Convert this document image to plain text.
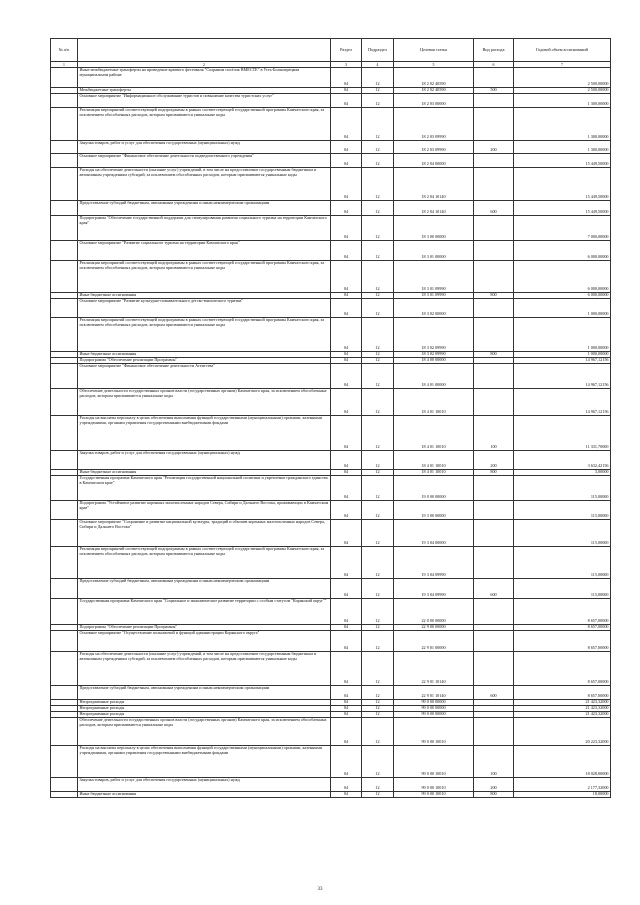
№ п/п		Раздел	Подраздел	Целевая статья	Вид расхода	Годовой объем ассигнований
1	2	3	4	5	6	7
	Иные межбюджетные трансферты на проведение краевого фестиваля "Сохраним посёлок ВМЕСТЕ" в Усть-Большерецком муниципальном районе	04	12	18 2 02 40590		2 500,00000
	Межбюджетные трансферты	04	12	18 2 02 40590	500	2 500,00000
	Основное мероприятие "Информационное обслуживание туристов и повышение качества туристских услуг"	04	12	18 2 03 00000		1 300,00000
	Реализация мероприятий соответствующей подпрограммы в рамках соответствующей государственной программы Камчатского края, за исключением обособленных расходов, которым присваиваются уникальные коды	04	12	18 2 03 09990		1 300,00000
	Закупка товаров, работ и услуг для обеспечения государственных (муниципальных) нужд	04	12	18 2 03 09990	200	1 300,00000
	Основное мероприятие "Финансовое обеспечение деятельности подведомственного учреждения"	04	12	18 2 04 00000		15 449,50000
	Расходы на обеспечение деятельности (оказание услуг) учреждений, в том числе на предоставление государственным бюджетным и автономным учреждениям субсидий, за исключением обособленных расходов, которым присваиваются уникальные коды	04	12	18 2 04 10140		15 449,50000
	Предоставление субсидий бюджетным, автономным учреждениям и иным некоммерческим организациям	04	12	18 2 04 10140	600	15 449,50000
	Подпрограмма "Обеспечение государственной поддержки для стимулирования развития социального туризма на территории Камчатского края"	04	12	18 3 00 00000		7 000,00000
	Основное мероприятие "Развитие социального туризма на территории Камчатского края"	04	12	18 3 01 00000		6 000,00000
	Реализация мероприятий соответствующей подпрограммы в рамках соответствующей государственной программы Камчатского края, за исключением обособленных расходов, которым присваиваются уникальные коды	04	12	18 3 01 09990		6 000,00000
	Иные бюджетные ассигнования	04	12	18 3 01 09990	800	6 000,00000
	Основное мероприятие "Развитие культурно-познавательного детско-юношеского туризма"	04	12	18 3 02 00000		1 000,00000
	Реализация мероприятий соответствующей подпрограммы в рамках соответствующей государственной программы Камчатского края, за исключением обособленных расходов, которым присваиваются уникальные коды	04	12	18 3 02 09990		1 000,00000
	Иные бюджетные ассигнования	04	12	18 3 02 09990	800	1 000,00000
	Подпрограмма "Обеспечение реализации Программы"	04	12	18 4 00 00000		14 967,12156
	Основное мероприятие "Финансовое обеспечение деятельности Агентства"	04	12	18 4 01 00000		14 967,12156
	Обеспечение деятельности государственных органов власти (государственных органов) Камчатского края, за исключением обособленных расходов, которым присваиваются уникальные коды	04	12	18 4 01 10010		14 967,12156
	Расходы на выплаты персоналу в целях обеспечения выполнения функций государственными (муниципальными) органами, казенными учреждениями, органами управления государственными внебюджетными фондами	04	12	18 4 01 10010	100	11 331,70000
	Закупка товаров, работ и услуг для обеспечения государственных (муниципальных) нужд	04	12	18 4 01 10010	200	3 632,42156
	Иные бюджетные ассигнования	04	12	18 4 01 10010	800	3,00000
	Государственная программа Камчатского края "Реализация государственной национальной политики и укрепление гражданского единства в Камчатском крае"	04	12	19 0 00 00000		115,00000
	Подпрограмма "Устойчивое развитие коренных малочисленных народов Севера, Сибири и Дальнего Востока, проживающих в Камчатском крае"	04	12	19 3 00 00000		115,00000
	Основное мероприятие "Сохранение и развитие национальной культуры, традиций и обычаев коренных малочисленных народов Севера, Сибири и Дальнего Востока"	04	12	19 3 04 00000		115,00000
	Реализация мероприятий соответствующей подпрограммы в рамках соответствующей государственной программы Камчатского края, за исключением обособленных расходов, которым присваиваются уникальные коды	04	12	19 3 04 09990		115,00000
	Предоставление субсидий бюджетным, автономным учреждениям и иным некоммерческим организациям	04	12	19 3 04 09990	600	115,00000
	Государственная программа Камчатского края "Социальное и экономическое развитие территории с особым статусом "Корякский округ""	04	12	22 0 00 00000		8 657,00000
	Подпрограмма "Обеспечение реализации Программы"	04	12	22 9 00 00000		8 657,00000
	Основное мероприятие "Осуществление полномочий и функций администрации Корякского округа"	04	12	22 9 01 00000		8 657,00000
	Расходы на обеспечение деятельности (оказание услуг) учреждений, в том числе на предоставление государственным бюджетным и автономным учреждениям субсидий, за исключением обособленных расходов, которым присваиваются уникальные коды	04	12	22 9 01 10140		8 657,00000
	Предоставление субсидий бюджетным, автономным учреждениям и иным некоммерческим организациям	04	12	22 9 01 10140	600	8 657,00000
	Непрограммные расходы	04	12	99 0 00 00000		21 423,32000
	Непрограммные расходы	04	12	99 0 00 00000		21 423,32000
	Непрограммные расходы	04	12	99 0 00 00000		21 423,32000
	Обеспечение деятельности государственных органов власти (государственных органов) Камчатского края, за исключением обособленных расходов, которым присваиваются уникальные коды	04	12	99 0 00 10010		20 223,32000
	Расходы на выплаты персоналу в целях обеспечения выполнения функций государственными (муниципальными) органами, казенными учреждениями, органами управления государственными внебюджетными фондами	04	12	99 0 00 10010	100	18 028,00000
	Закупка товаров, работ и услуг для обеспечения государственных (муниципальных) нужд	04	12	99 0 00 10010	200	2 177,32000
	Иные бюджетные ассигнования	04	12	99 0 00 10010	800	18,00000
33
